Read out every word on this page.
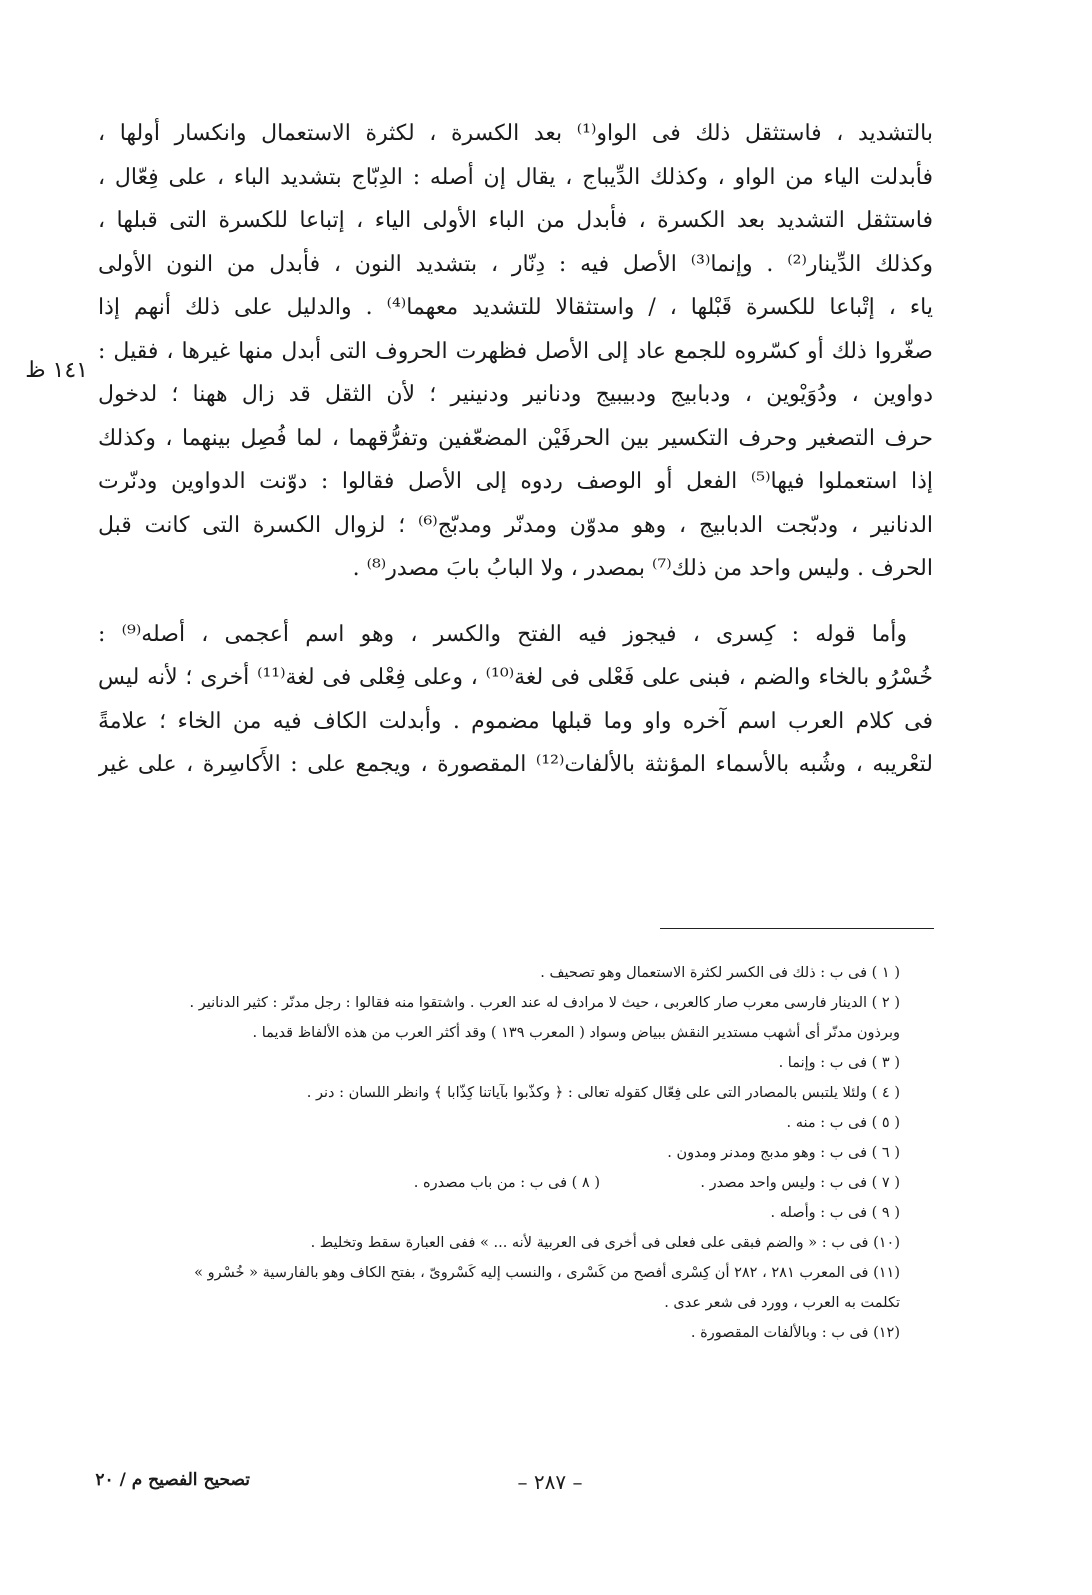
بالتشديد ، فاستثقل ذلك فى الواو⁽¹⁾ بعد الكسرة ، لكثرة الاستعمال وانكسار أولها ،
فأبدلت الياء من الواو ، وكذلك الدِّيباج ، يقال إن أصله : الدِبّاج بتشديد الباء ، على فِعّال ،
فاستثقل التشديد بعد الكسرة ، فأبدل من الباء الأولى الياء ، إتباعا للكسرة التى قبلها ،
وكذلك الدِّينار⁽²⁾ . وإنما⁽³⁾ الأصل فيه : دِنّار ، بتشديد النون ، فأبدل من النون الأولى
ياء ، إتْباعا للكسرة قَبْلها ، / واستثقالا للتشديد معهما⁽⁴⁾ . والدليل على ذلك أنهم إذا
صغّروا ذلك أو كسّروه للجمع عاد إلى الأصل فظهرت الحروف التى أبدل منها غيرها ، فقيل :
دواوين ، ودُوَيْوين ، ودبابيج ودبيبيج ودنانير ودنينير ؛ لأن الثقل قد زال ههنا ؛ لدخول
حرف التصغير وحرف التكسير بين الحرفَيْن المضعّفين وتفرُّقهما ، لما فُصِل بينهما ، وكذلك
إذا استعملوا فيها⁽⁵⁾ الفعل أو الوصف ردوه إلى الأصل فقالوا : دوّنت الدواوين ودنّرت
الدنانير ، ودبّجت الدبابيج ، وهو مدوّن ومدنّر ومدبّج⁽⁶⁾ ؛ لزوال الكسرة التى كانت قبل
الحرف . وليس واحد من ذلك⁽⁷⁾ بمصدر ، ولا البابُ بابَ مصدر⁽⁸⁾ .
وأما قوله : كِسرى ، فيجوز فيه الفتح والكسر ، وهو اسم أعجمى ، أصله⁽⁹⁾ :
خُسْرُو بالخاء والضم ، فبنى على فَعْلى فى لغة⁽¹⁰⁾ ، وعلى فِعْلى فى لغة⁽¹¹⁾ أخرى ؛ لأنه ليس
فى كلام العرب اسم آخره واو وما قبلها مضموم . وأبدلت الكاف فيه من الخاء ؛ علامةً
لتعْريبه ، وشُبه بالأسماء المؤنثة بالألفات⁽¹²⁾ المقصورة ، ويجمع على : الأَكاسِرة ، على غير
١٤١ ظ
( ١ ) فى ب : ذلك فى الكسر لكثرة الاستعمال وهو تصحيف .
( ٢ ) الدينار فارسى معرب صار كالعربى ، حيث لا مرادف له عند العرب . واشتقوا منه فقالوا : رجل مدنّر : كثير الدنانير .
وبرذون مدنّر أى أشهب مستدير النقش ببياض وسواد ( المعرب ١٣٩ ) وقد أكثر العرب من هذه الألفاظ قديما .
( ٣ ) فى ب : وإنما .
( ٤ ) ولئلا يلتبس بالمصادر التى على فِعّال كقوله تعالى : ﴿ وكذّبوا بآياتنا كِذّابا ﴾ وانظر اللسان : دنر .
( ٥ ) فى ب : منه .
( ٦ ) فى ب : وهو مدبج ومدنر ومدون .
( ٧ ) فى ب : وليس واحد مصدر .
( ٨ ) فى ب : من باب مصدره .
( ٩ ) فى ب : وأصله .
(١٠) فى ب : « والضم فبقى على فعلى فى أخرى فى العربية لأنه ... » ففى العبارة سقط وتخليط .
(١١) فى المعرب ٢٨١ ، ٢٨٢ أن كِسْرى أفصح من كَسْرى ، والنسب إليه كَسْروىّ ، بفتح الكاف وهو بالفارسية « خُسْرو »
تكلمت به العرب ، وورد فى شعر عدى .
(١٢) فى ب : وبالألفات المقصورة .
– ٢٨٧ –
تصحيح الفصيح م / ٢٠
